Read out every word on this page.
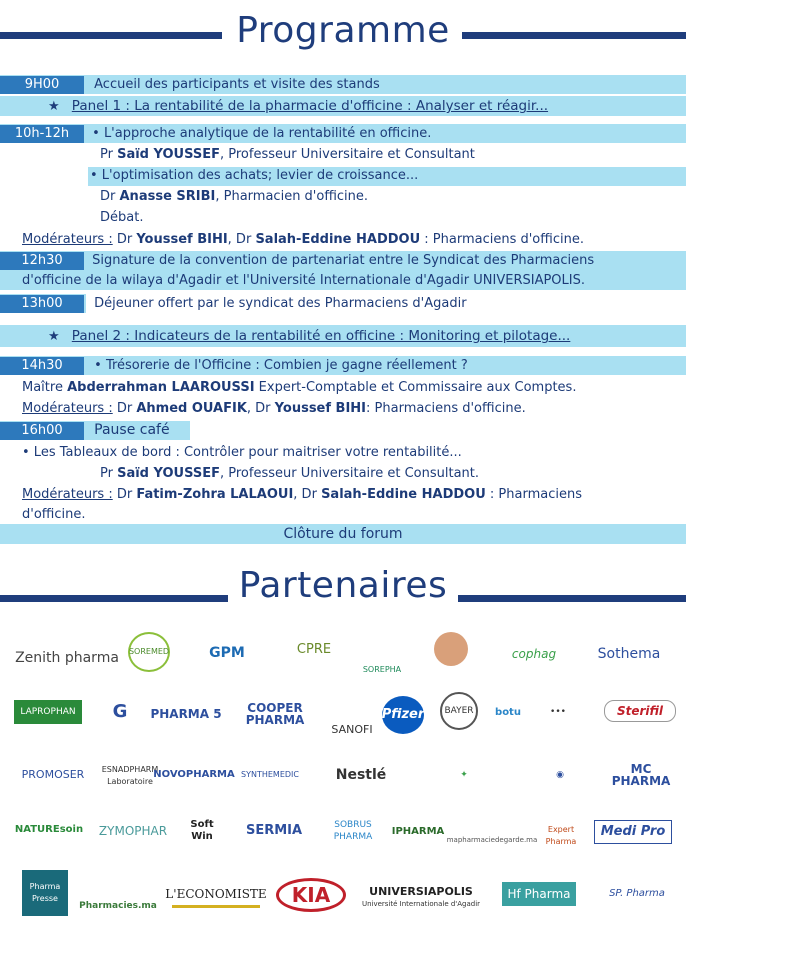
Programme
9H00	Accueil des participants et visite des stands
★ Panel 1 : La rentabilité de la pharmacie d'officine : Analyser et réagir...
10h-12h • L'approche analytique de la rentabilité en officine.
Pr Saïd YOUSSEF, Professeur Universitaire et Consultant
• L'optimisation des achats; levier de croissance...
Dr Anasse SRIBI, Pharmacien d'officine.
Débat.
Modérateurs : Dr Youssef BIHI, Dr Salah-Eddine HADDOU : Pharmaciens d'officine.
12h30 Signature de la convention de partenariat entre le Syndicat des Pharmaciens
d'officine de la wilaya d'Agadir et l'Université Internationale d'Agadir UNIVERSIAPOLIS.
13h00 Déjeuner offert par le syndicat des Pharmaciens d'Agadir
★ Panel 2 : Indicateurs de la rentabilité en officine : Monitoring et pilotage...
14h30 • Trésorerie de l'Officine : Combien je gagne réellement ?
Maître Abderrahman LAAROUSSI Expert-Comptable et Commissaire aux Comptes.
Modérateurs : Dr Ahmed OUAFIK, Dr Youssef BIHI: Pharmaciens d'officine.
16h00 Pause café
• Les Tableaux de bord : Contrôler pour maitriser votre rentabilité...
Pr Saïd YOUSSEF, Professeur Universitaire et Consultant.
Modérateurs : Dr Fatim-Zohra LALAOUI, Dr Salah-Eddine HADDOU : Pharmaciens
d'officine.
Clôture du forum
Partenaires
Zenith pharma SOREMED	GPM	CPRE
SOREPHA
cophag	Sothema
LAPROPHAN	G	PHARMA 5	COOPER PHARMA
SANOFI
Pfizer	BAYER	botu	•••	Sterifil
PROMOSER	ESNADPHARM Laboratoire
NOVOPHARMA SYNTHEMEDIC	Nestlé	✦	◉	MC PHARMA
NATUREsoin	ZYMOPHAR	Soft Win	SERMIA	SOBRUS PHARMA	IPHARMA
mapharmaciedegarde.ma
Expert Pharma
Medi Pro
Pharma Presse
Pharmacies.ma
L'ECONOMISTE	KIA	UNIVERSIAPOLIS
Université Internationale d'Agadir
Hf Pharma	SP. Pharma
